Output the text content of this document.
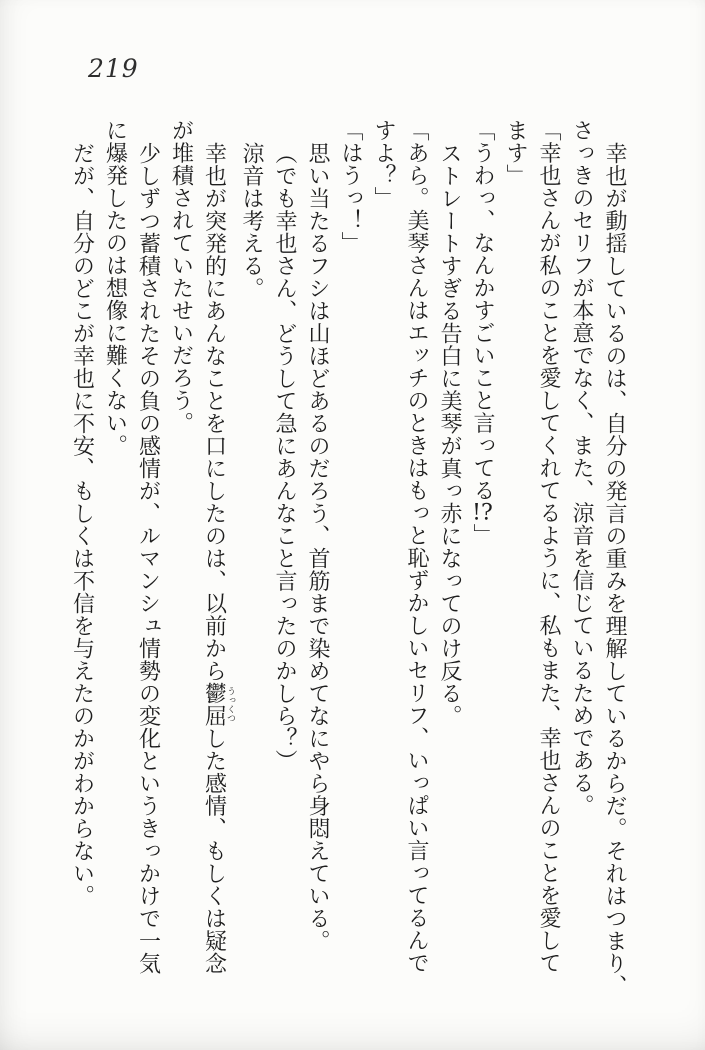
219
幸也が動揺しているのは、自分の発言の重みを理解しているからだ。それはつまり、
さっきのセリフが本意でなく、また、涼音を信じているためである。
「幸也さんが私のことを愛してくれてるように、私もまた、幸也さんのことを愛して
ます」
「うわっ、なんかすごいこと言ってる!?」
ストレートすぎる告白に美琴が真っ赤になってのけ反る。
「あら。美琴さんはエッチのときはもっと恥ずかしいセリフ、いっぱい言ってるんで
すよ？」
「はうっ！」
思い当たるフシは山ほどあるのだろう、首筋まで染めてなにやら身悶えている。
（でも幸也さん、どうして急にあんなこと言ったのかしら？）
涼音は考える。
幸也が突発的にあんなことを口にしたのは、以前から鬱屈うっくつした感情、もしくは疑念
が堆積されていたせいだろう。
少しずつ蓄積されたその負の感情が、ルマンシュ情勢の変化というきっかけで一気
に爆発したのは想像に難くない。
だが、自分のどこが幸也に不安、もしくは不信を与えたのかがわからない。
